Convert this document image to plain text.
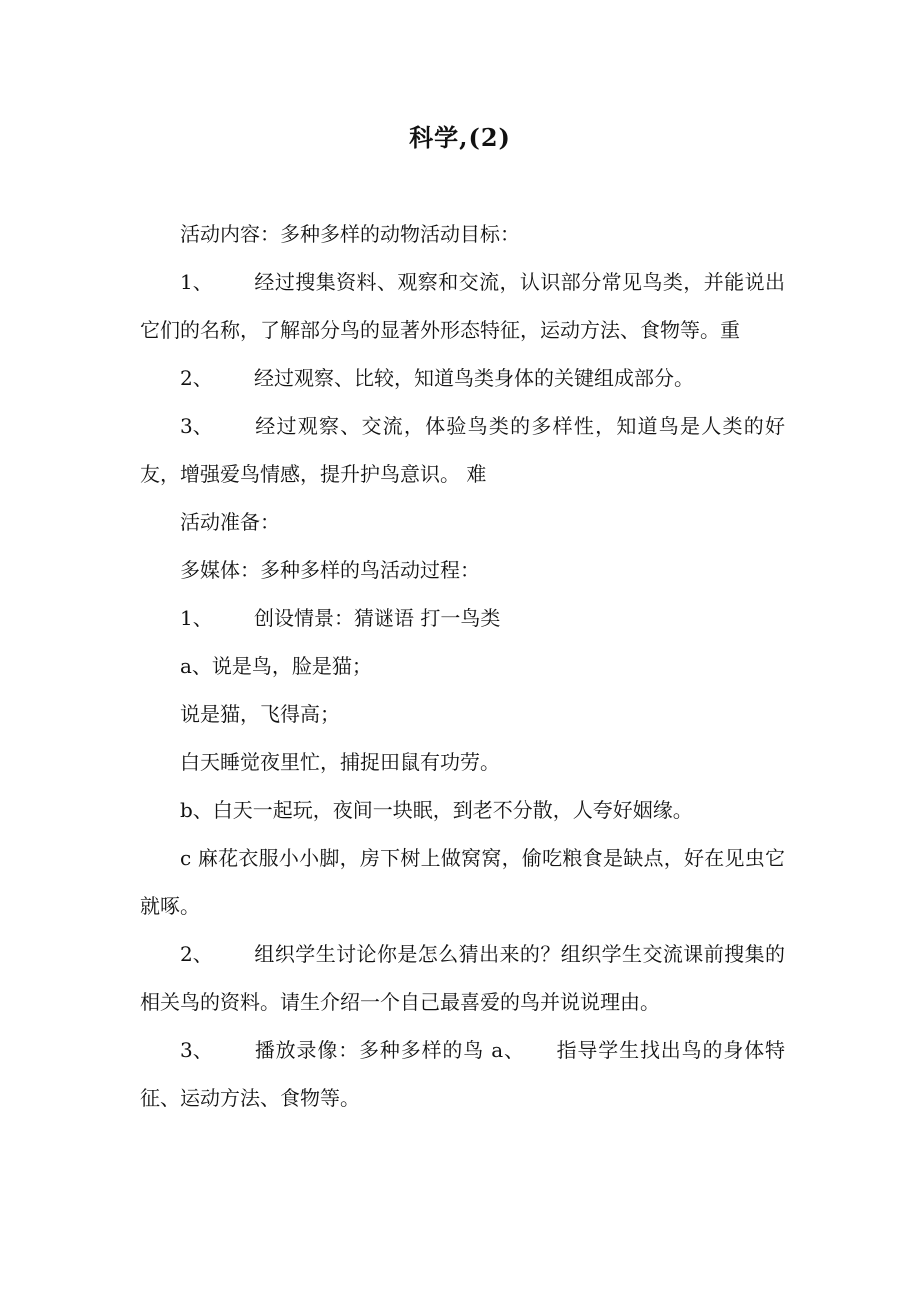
科学,(2)

活动内容：多种多样的动物活动目标：

1、 经过搜集资料、观察和交流，认识部分常见鸟类，并能说出它们的名称，了解部分鸟的显著外形态特征，运动方法、食物等。重

2、 经过观察、比较，知道鸟类身体的关键组成部分。

3、 经过观察、交流，体验鸟类的多样性，知道鸟是人类的好友，增强爱鸟情感，提升护鸟意识。 难

活动准备：

多媒体：多种多样的鸟活动过程：

1、 创设情景：猜谜语 打一鸟类

a、说是鸟，脸是猫；

说是猫，飞得高；

白天睡觉夜里忙，捕捉田鼠有功劳。

b、白天一起玩，夜间一块眠，到老不分散，人夸好姻缘。

c 麻花衣服小小脚，房下树上做窝窝，偷吃粮食是缺点，好在见虫它就啄。

2、 组织学生讨论你是怎么猜出来的？组织学生交流课前搜集的相关鸟的资料。请生介绍一个自己最喜爱的鸟并说说理由。

3、 播放录像：多种多样的鸟 a、　　指导学生找出鸟的身体特征、运动方法、食物等。
